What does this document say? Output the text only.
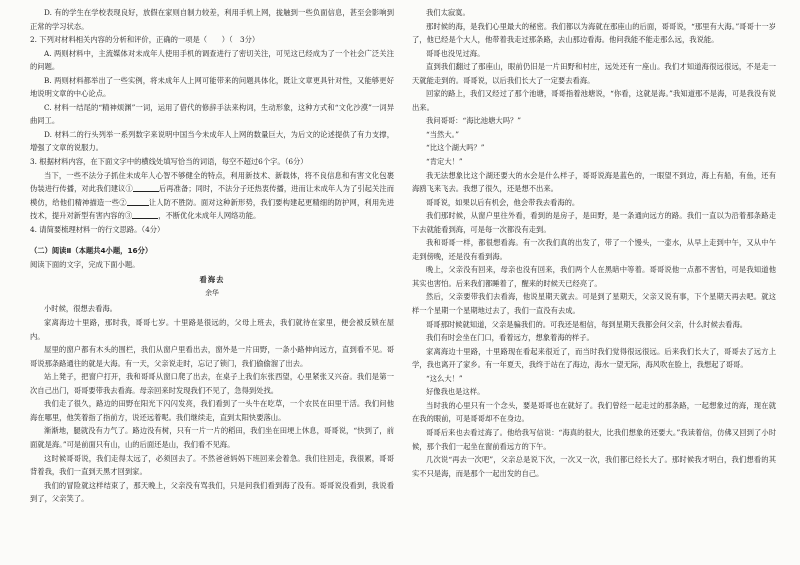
D. 有的学生在学校表现良好，放假在家则自制力较差，利用手机上网，拢触到一些负面信息，甚至会影响到正常的学习状态。

2. 下列对材料相关内容的分析和评价，正确的一项是（　　）（　3分）

A. 两则材料中，主流媒体对未成年人使用手机的调查进行了密切关注，可见这已经成为了一个社会广泛关注的问题。

B. 两则材料都举出了一些实例，将未成年人上网可能带来的问题具体化，既让文章更具针对性，又能够更好地说明文章的中心论点。

C. 材料一结尾的“精神烦渊”一词，运用了借代的修辞手法来构词，生动形象，这种方式和“文化沙漠”一词异曲同工。

D. 材料二的行头列举一系列数字来说明中国当今未成年人上网的数量巨大，为后文的论述提供了有力支撑，增强了文章的说服力。

3. 根据材料内容，在下面文字中的横线处填写恰当的词语，每空不超过6个字。（6分）

当下，一些不法分子抓住未成年人心智不够健全的特点，利用新技术、新载体，将不良信息和有害文化包裹伪装进行传播，对此我们建议①	后再准备；同时，不法分子还热衷传播，进而让未成年人为了引起关注而模仿，给他们精神描造一些②	让人防不胜防。面对这种新形势，我们要构建起更精细的防护网，利用先进技术，提升对新型有害内容的③	，不断优化未成年人网络功能。

4. 请简要梳理材料一的行文思路。（4分）

（二）阅读Ⅱ（本题共4小题，16分）

阅读下面的文字，完成下面小题。

看海去

余华

小时候，很想去看海。

家离海边十里路，那时我，哥哥七岁。十里路是很远的，父母上班去，我们就待在家里，便会被反锁在屋内。

屋里的窗户都有木头的围栏，我们从窗户里看出去，窗外是一片田野，一条小路伸向远方，直到看不见。哥哥说那条路通往的就是大海。有一天，父亲说走时，忘记了锁门，我们偷偷溜了出去。

站上凳子，把窗户打开，我和哥哥从窗口爬了出去，在桌子上我们东张西望，心里紧张又兴奋。我们是第一次自己出门，哥哥要带我去看海。母亲回来时发现我们不见了，急得到处找。

我们走了很久，路边的田野在阳光下闪闪发亮，我们看到了一头牛在吃草，一个农民在田里干活。我们问他海在哪里，他笑着指了指前方，说还远着呢。我们继续走，直到太阳快要落山。

渐渐地，腿就没有力气了。路边没有树，只有一片一片的稻田，我们坐在田埂上休息，哥哥说，“快到了，前面就是海。”可是前面只有山，山的后面还是山，我们看不见海。

这时候哥哥说，我们走得太远了，必须回去了。不然爸爸妈妈下班回来会着急。我们往回走，我很累，哥哥背着我，我们一直到天黑才回到家。

我们的冒险就这样结束了，那天晚上，父亲没有骂我们，只是问我们看到海了没有。哥哥说没看到，我说看到了，父亲笑了。

我们太寂寞。

那时候的海，是我们心里最大的秘密。我们都以为海就在那座山的后面，哥哥说，“那里有大海。”哥哥十一岁了，他已经是个大人，他带着我走过那条路，去山那边看海。他问我能不能走那么远，我说能。

哥哥也没见过海。

直到我们翻过了那座山，眼前仍旧是一片田野和村庄，远处还有一座山。我们才知道海很远很远，不是走一天就能走到的。哥哥说，以后我们长大了一定要去看海。

回家的路上，我们又经过了那个池塘，哥哥指着池塘说，“你看，这就是海。”我知道那不是海，可是我没有说出来。

我问哥哥：“海比池塘大吗？”

“当然大。”

“比这个湖大吗？”

“肯定大！”

我无法想象比这个湖还要大的水会是什么样子，哥哥说海是蓝色的，一眼望不到边，海上有船，有鱼，还有海鸥飞来飞去。我想了很久，还是想不出来。

哥哥说，如果以后有机会，他会带我去看海的。

我们那时候，从窗户里往外看，看到的是房子，是田野，是一条通向远方的路。我们一直以为沿着那条路走下去就能看到海，可是每一次都没有走到。

我和哥哥一样，都很想看海。有一次我们真的出发了，带了一个馒头，一壶水，从早上走到中午，又从中午走到傍晚，还是没有看到海。

晚上，父亲没有回来，母亲也没有回来，我们两个人在黑暗中等着。哥哥说他一点都不害怕，可是我知道他其实也害怕。后来我们都睡着了，醒来的时候天已经亮了。

然后，父亲要带我们去看海，他说星期天就去。可是到了星期天，父亲又说有事，下个星期天再去吧。就这样一个星期一个星期地过去了，我们一直没有去成。

哥哥那时候就知道，父亲是骗我们的。可我还是相信，每到星期天我都会问父亲，什么时候去看海。

我们有时会坐在门口，看着远方，想象着海的样子。

家离海边十里路，十里路现在看起来很近了，而当时我们觉得很远很远。后来我们长大了，哥哥去了远方上学，我也离开了家乡。有一年夏天，我终于站在了海边，海水一望无际，海风吹在脸上，我想起了哥哥。

“这么大！”

好像我也是这样。

当时我的心里只有一个念头，要是哥哥也在就好了。我们曾经一起走过的那条路，一起想象过的海，现在就在我的眼前，可是哥哥却不在身边。

哥哥后来也去看过海了。他给我写信说：“海真的很大，比我们想象的还要大。”我读着信，仿佛又回到了小时候，那个我们一起坐在窗前看远方的下午。

几次说“再去一次吧”，父亲总是说下次，一次又一次，我们都已经长大了。那时候我才明白，我们想看的其实不只是海，而是那个一起出发的自己。
